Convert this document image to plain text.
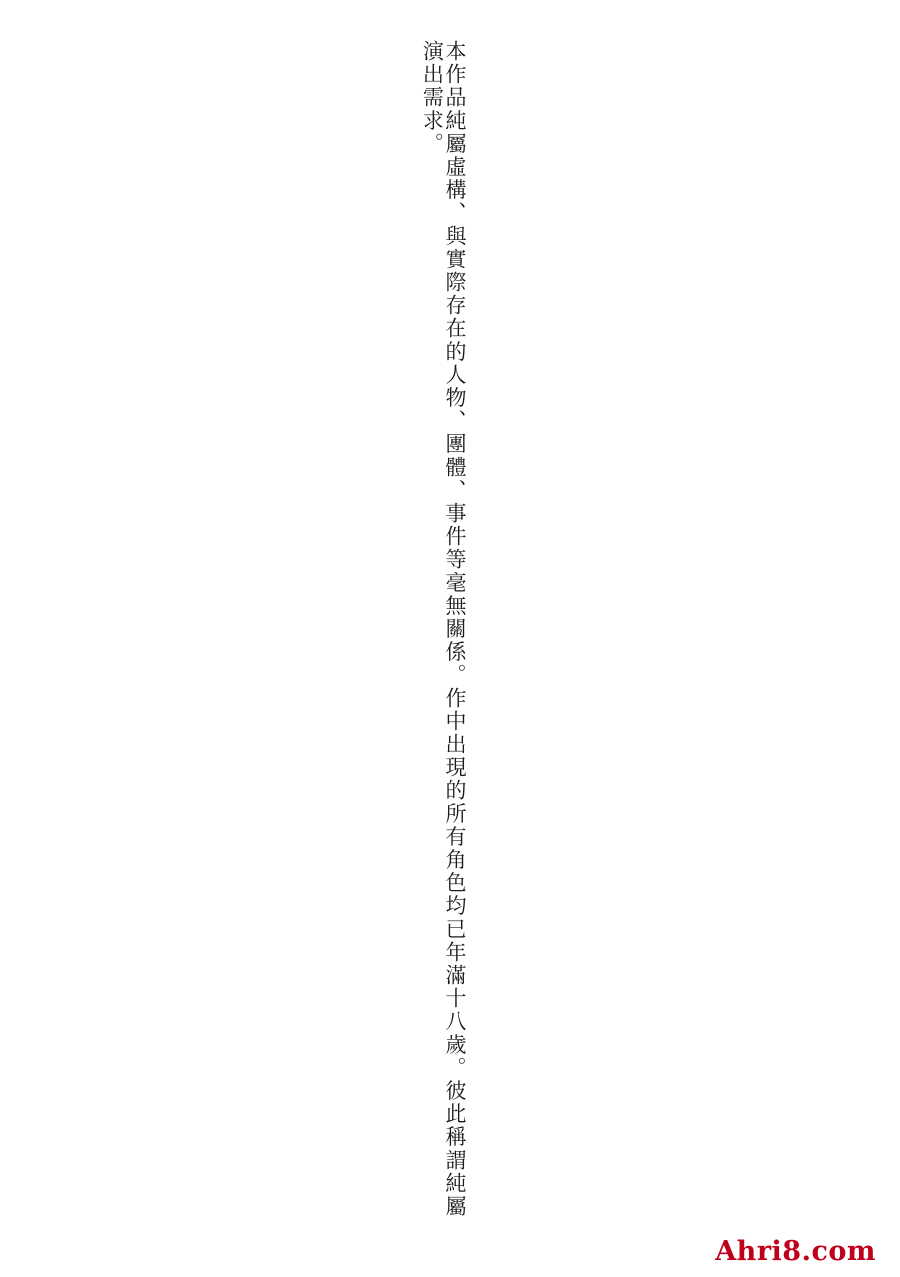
本作品純屬虛構、與實際存在的人物、團體、事件等毫無關係。作中出現的所有角色均已年滿十八歲。彼此稱謂純屬演出需求。
Ahri8.com
